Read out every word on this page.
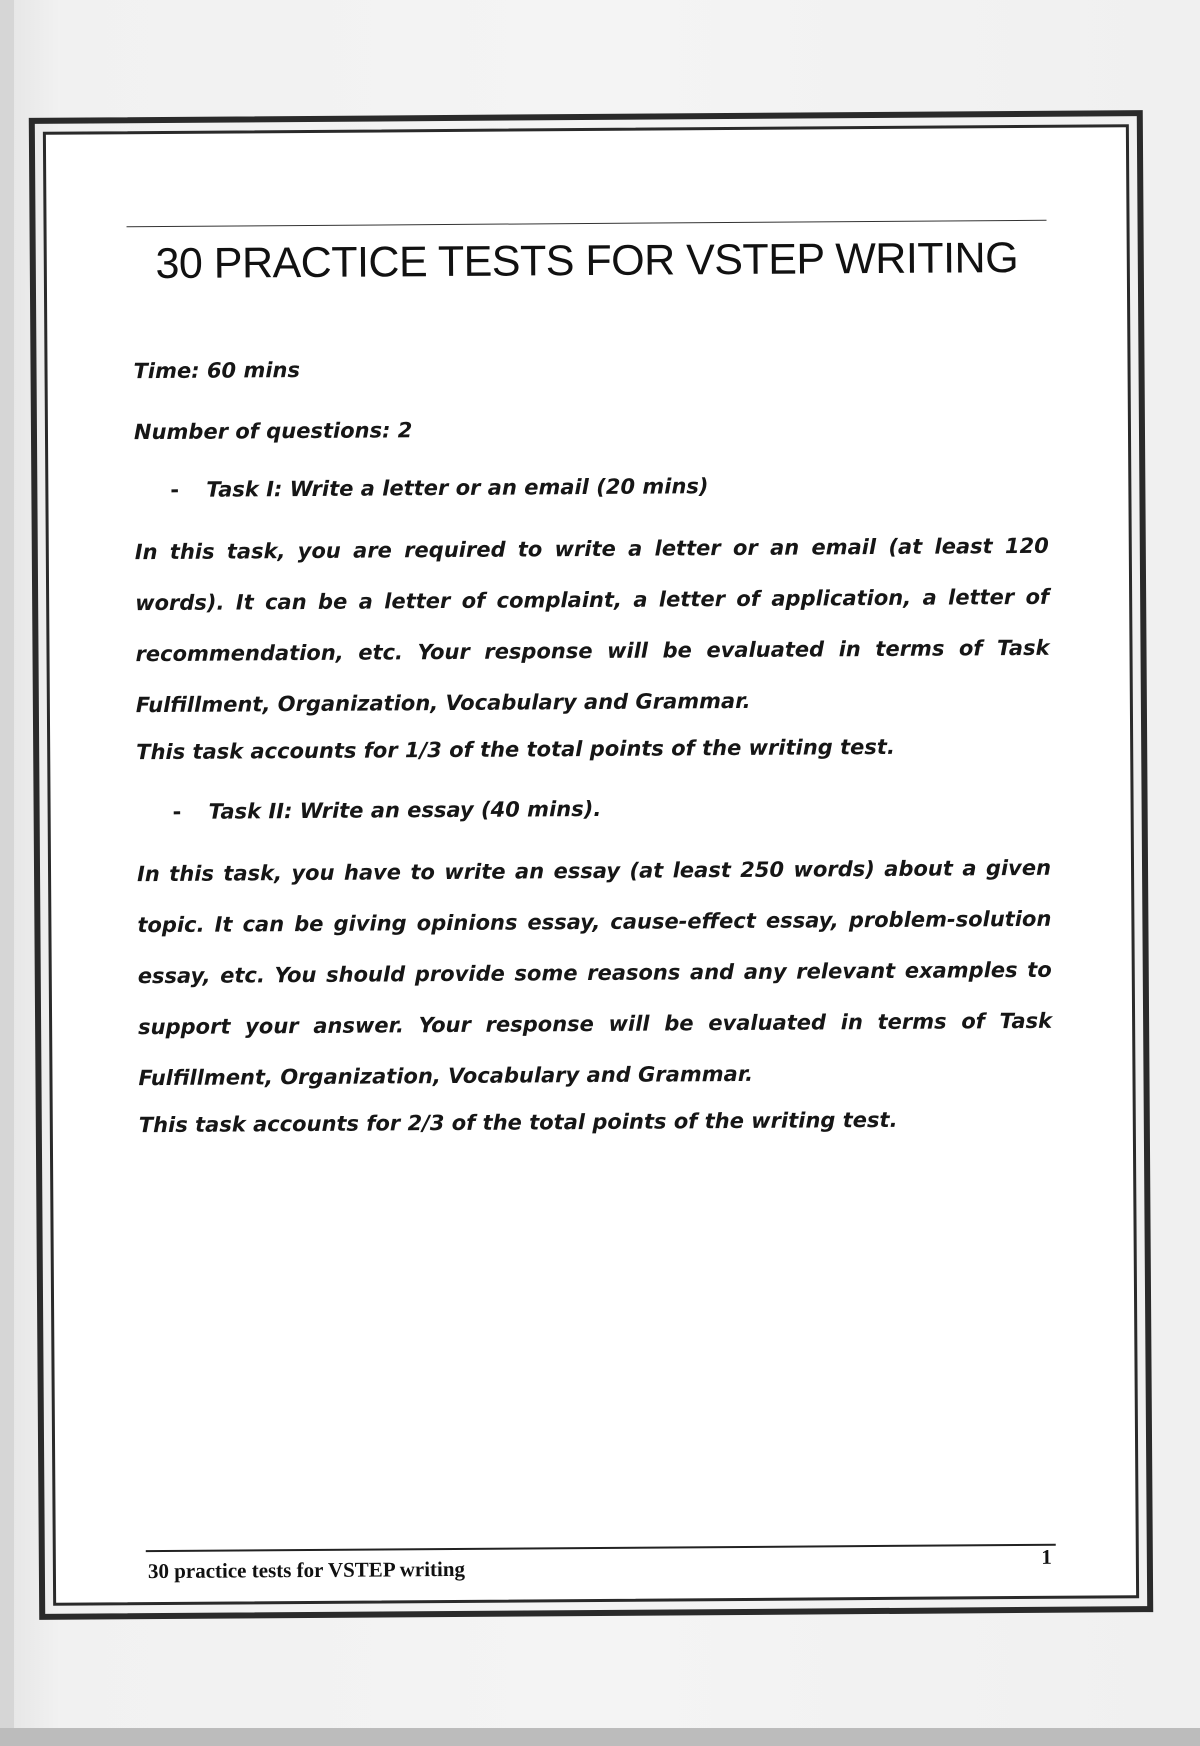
30 PRACTICE TESTS FOR VSTEP WRITING

Time: 60 mins

Number of questions: 2

-	Task I: Write a letter or an email (20 mins)

In this task, you are required to write a letter or an email (at least 120 words). It can be a letter of complaint, a letter of application, a letter of recommendation, etc. Your response will be evaluated in terms of Task Fulfillment, Organization, Vocabulary and Grammar.

This task accounts for 1/3 of the total points of the writing test.

-	Task II: Write an essay (40 mins).

In this task, you have to write an essay (at least 250 words) about a given topic. It can be giving opinions essay, cause-effect essay, problem-solution essay, etc. You should provide some reasons and any relevant examples to support your answer. Your response will be evaluated in terms of Task Fulfillment, Organization, Vocabulary and Grammar.

This task accounts for 2/3 of the total points of the writing test.

30 practice tests for VSTEP writing
1
